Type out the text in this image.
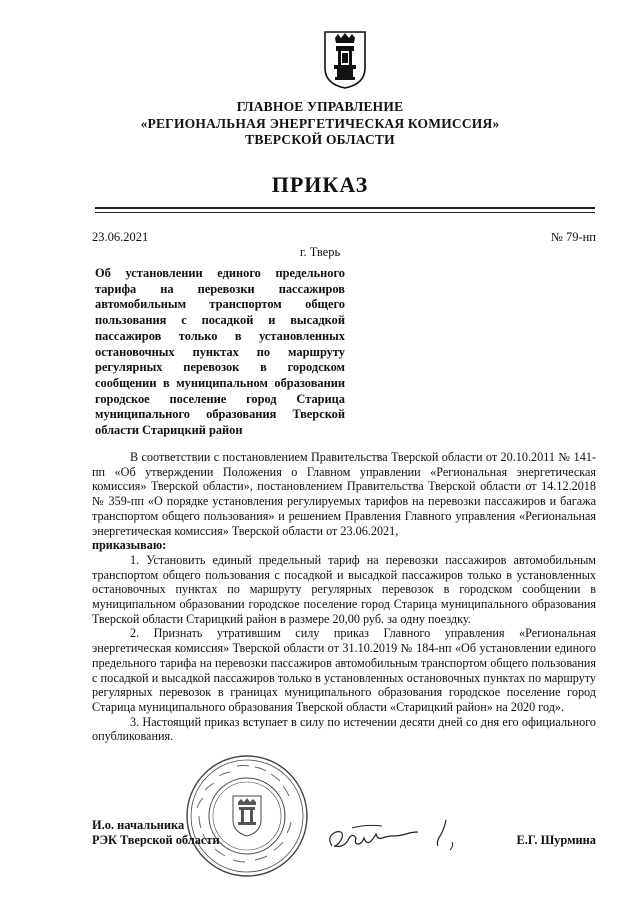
ГЛАВНОЕ УПРАВЛЕНИЕ
«РЕГИОНАЛЬНАЯ ЭНЕРГЕТИЧЕСКАЯ КОМИССИЯ»
ТВЕРСКОЙ ОБЛАСТИ
ПРИКАЗ
23.06.2021	№ 79-нп
г. Тверь
Об установлении единого предельного тарифа на перевозки пассажиров автомобильным транспортом общего пользования с посадкой и высадкой пассажиров только в установленных остановочных пунктах по маршруту регулярных перевозок в городском сообщении в муниципальном образовании городское поселение город Старица муниципального образования Тверской области Старицкий район

В соответствии с постановлением Правительства Тверской области от 20.10.2011 № 141-пп «Об утверждении Положения о Главном управлении «Региональная энергетическая комиссия» Тверской области», постановлением Правительства Тверской области от 14.12.2018 № 359-пп «О порядке установления регулируемых тарифов на перевозки пассажиров и багажа транспортом общего пользования» и решением Правления Главного управления «Региональная энергетическая комиссия» Тверской области от 23.06.2021,

приказываю:

1. Установить единый предельный тариф на перевозки пассажиров автомобильным транспортом общего пользования с посадкой и высадкой пассажиров только в установленных остановочных пунктах по маршруту регулярных перевозок в городском сообщении в муниципальном образовании городское поселение город Старица муниципального образования Тверской области Старицкий район в размере 20,00 руб. за одну поездку.

2. Признать утратившим силу приказ Главного управления «Региональная энергетическая комиссия» Тверской области от 31.10.2019 № 184-нп «Об установлении единого предельного тарифа на перевозки пассажиров автомобильным транспортом общего пользования с посадкой и высадкой пассажиров только в установленных остановочных пунктах по маршруту регулярных перевозок в границах муниципального образования городское поселение город Старица муниципального образования Тверской области «Старицкий район» на 2020 год».

3. Настоящий приказ вступает в силу по истечении десяти дней со дня его официального опубликования.

И.о. начальника
РЭК Тверской области	Е.Г. Шурмина
